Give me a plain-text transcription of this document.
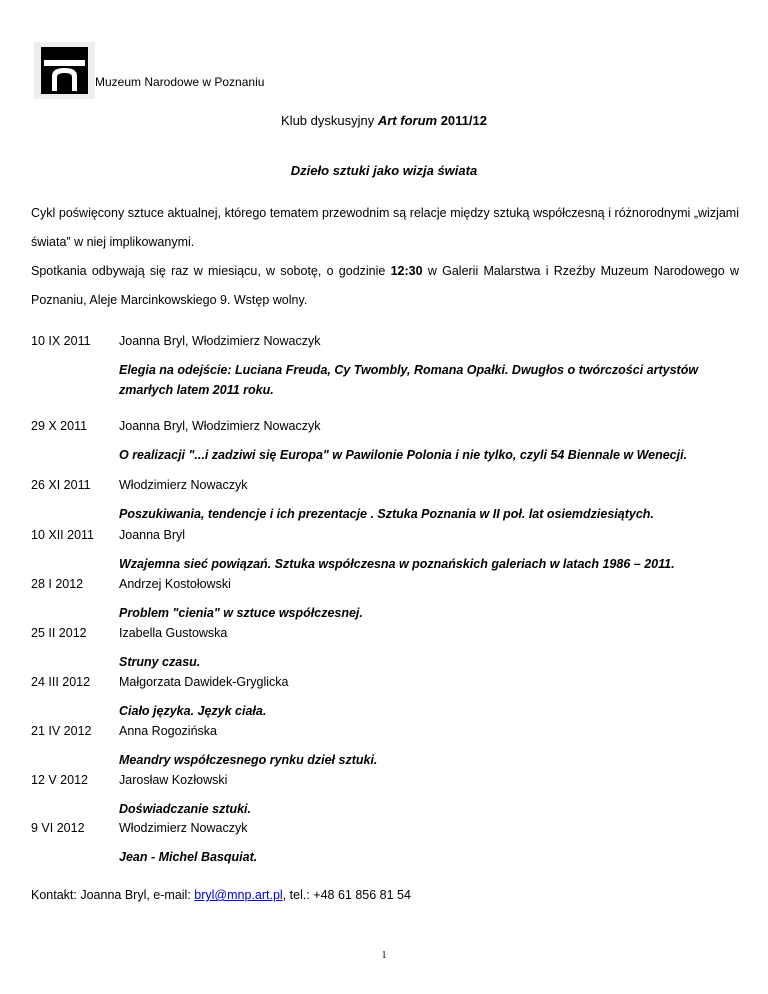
Muzeum Narodowe w Poznaniu
Klub dyskusyjny Art forum 2011/12
Dzieło sztuki jako wizja świata

Cykl poświęcony sztuce aktualnej, którego tematem przewodnim są relacje między sztuką współczesną i różnorodnymi „wizjami świata” w niej implikowanymi.
Spotkania odbywają się raz w miesiącu, w sobotę, o godzinie 12:30 w Galerii Malarstwa i Rzeźby Muzeum Narodowego w Poznaniu, Aleje Marcinkowskiego 9. Wstęp wolny.

10 IX 2011	Joanna Bryl, Włodzimierz Nowaczyk
Elegia na odejście: Luciana Freuda, Cy Twombly, Romana Opałki. Dwugłos o twórczości artystów zmarłych latem 2011 roku.
29 X 2011	Joanna Bryl, Włodzimierz Nowaczyk
O realizacji "...i zadziwi się Europa" w Pawilonie Polonia i nie tylko, czyli 54 Biennale w Wenecji.
26 XI 2011	Włodzimierz Nowaczyk
Poszukiwania, tendencje i ich prezentacje . Sztuka Poznania w II poł. lat osiemdziesiątych.
10 XII 2011	Joanna Bryl
Wzajemna sieć powiązań. Sztuka współczesna w poznańskich galeriach w latach 1986 – 2011.
28 I 2012	Andrzej Kostołowski
Problem "cienia" w sztuce współczesnej.
25 II 2012	Izabella Gustowska
Struny czasu.
24 III 2012	Małgorzata Dawidek-Gryglicka
Ciało języka. Język ciała.
21 IV 2012	Anna Rogozińska
Meandry współczesnego rynku dzieł sztuki.
12 V 2012	Jarosław Kozłowski
Doświadczanie sztuki.
9 VI 2012	Włodzimierz Nowaczyk
Jean - Michel Basquiat.
Kontakt: Joanna Bryl, e-mail: bryl@mnp.art.pl, tel.: +48 61 856 81 54
1
